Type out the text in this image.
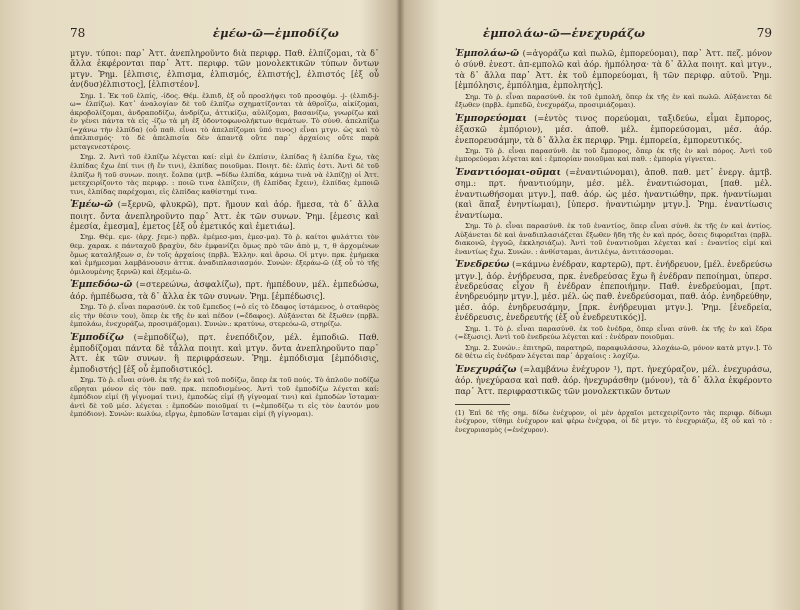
78	ἐμέω-ῶ—ἐμποδίζω

μτγν. τύποι: παρ᾿ Ἀττ. ἀνεπληροῦντο διὰ περιφρ. Παθ. ἐλπίζομαι, τὰ δ᾿ ἄλλα ἐκφέρονται παρ᾿ Ἀττ. περιφρ. τῶν μονολεκτικῶν τύπων ὄντων μτγν. Ῥημ. [ἐλπισις, ἐλπισμα, ἐλπισμός, ἐλπιστής], ἐλπιστός [ἐξ οὗ ἀν(δυσ)έλπιστος], [ἐλπιστέον].

Σημ. 1. Ἐκ τοῦ ἐλπίς, -ίδος. Θέμ. ἐλπιδ, ἐξ οὗ προσλήψει τοῦ προσφύμ. -j- (ἐλπιδ-j-ω= ἐλπίζω). Κατ᾿ ἀναλογίαν δὲ τοῦ ἐλπίζω σχηματίζονται τὰ ἀθροΐζω, αἰκίζομαι, ἀκροβολίζομαι, ἀνδραποδίζω, ἀνδρίζω, ἀττικίζω, αὐλίζομαι, βασανίζω, γνωρίζω καὶ ἐν γένει πάντα τὰ εἰς -ίζω τὰ μὴ ἐξ ὀδοντοφωνολήκτων θεμάτων. Τὸ σύνθ. ἀπελπίζω (=χάνω τὴν ἐλπίδα) (οὗ παθ. εἶναι τὸ ἀπελπίζομαι ὑπό τινος) εἶναι μτγν. ὡς καὶ τὸ ἀπελπισμός· τὸ δὲ ἀπελπισία δὲν ἀπαντᾷ οὔτε παρ᾿ ἀρχαίοις οὔτε παρὰ μεταγενεστέροις.

Σημ. 2. Ἀντὶ τοῦ ἐλπίζω λέγεται καί: εἰμὶ ἐν ἐλπίσιν, ἐλπίδας ἢ ἐλπίδα ἔχω, τὰς ἐλπίδας ἔχω ἐπί τινι (ἢ ἔν τινι), ἐλπίδας ποιοῦμαι. Ποιητ. δὲ: ἐλπὶς ἐστι. Ἀντὶ δὲ τοῦ ἐλπίζω ἢ τοῦ συνων. ποιητ. ἔολπα (μτβ. =δίδω ἐλπίδα, κάμνω τινὰ νὰ ἐλπίζῃ) οἱ Ἀττ. μετεχειρίζοντο τὰς περιφρ. : ποιῶ τινα ἐλπίζειν, (ἢ ἐλπίδας ἔχειν), ἐλπίδας ἐμποιῶ τινι, ἐλπίδας παρέχομαι, εἰς ἐλπίδας καθίστημί τινα.

Ἐμέω-ῶ (=ξερνῶ, φλυκρῶ), πρτ. ἤμουν καὶ ἀόρ. ἤμεσα, τὰ δ᾿ ἄλλα ποιητ. ὄντα ἀνεπληροῦντο παρ᾿ Ἀττ. ἐκ τῶν συνων. Ῥημ. [ἐμεσις καὶ ἐμεσία, ἐμεσμα], ἐμετος [ἐξ οὗ ἐμετικός καὶ ἐμετιάω].

Σημ. Θέμ. εμε- (ἀρχ. ϝεμε-) πρβλ. ἐμέμεσ-μαι, ἐμεσ-μα). Τὸ ῥ. καίτοι φυλάττει τὸν θεμ. χαρακ. ε πάνταχοῦ βραχὺν, δὲν ἐμφανίζει ὅμως πρὸ τῶν ἀπὸ μ, τ, θ ἀρχομένων ὅμως καταλήξεων σ, ἐν τοῖς ἀρχαίοις (πρβλ. Ἑλλην. καὶ ἄρσω. Οἱ μτγν. πρκ. ἐμήμεκα καὶ ἐμήμεσμαι λαμβάνουσιν ἀττικ. ἀναδιπλασιασμόν. Συνών: ἐξεράω-ῶ (ἐξ οὗ τὸ τῆς ὁμιλουμένης ξερνῶ) καὶ ἐξεμέω-ῶ.

Ἐμπεδόω-ῶ (=στερεώνω, ἀσφαλίζω), πρτ. ἠμπέδουν, μέλ. ἐμπεδώσω, ἀόρ. ἠμπέδωσα, τὰ δ᾿ ἄλλα ἐκ τῶν συνων. Ῥημ. [ἐμπέδωσις].

Σημ. Τὸ ῥ. εἶναι παρασύνθ. ἐκ τοῦ ἔμπεδος (=ὁ εἰς τὸ ἔδαφος ἱστάμενος, ὁ σταθερὸς εἰς τὴν θέσιν του), ὅπερ ἐκ τῆς ἐν καὶ πέδον (=ἔδαφος). Αὐξάνεται δὲ ἔξωθεν (πρβλ. ἐμπολάω, ἐνεχυράζω, προσιμάζομαι). Συνών.: κρατύνω, στερεόω-ῶ, στηρίζω.

Ἐμποδίζω (=ἐμποδίζω), πρτ. ἐνεπόδιζον, μέλ. ἐμποδιῶ. Παθ. ἐμποδίζομαι πάντα δὲ τἆλλα ποιητ. καὶ μτγν. ὄντα ἀνεπληροῦντο παρ᾿ Ἀττ. ἐκ τῶν συνων. ἢ περιφράσεων. Ῥημ. ἐμπόδισμα [ἐμπόδισις, ἐμποδιστής] [ἐξ οὗ ἐμποδιστικός].

Σημ. Τὸ ῥ. εἶναι σύνθ. ἐκ τῆς ἐν καὶ τοῦ ποδίζω, ὅπερ ἐκ τοῦ πούς. Τὸ ἁπλοῦν ποδίζω εὕρηται μόνον εἰς τὸν παθ. πρκ. πεποδισμένος. Ἀντὶ τοῦ ἐμποδίζω λέγεται καί: ἐμπόδιον εἰμί (ἢ γίγνομαί τινι), ἐμποδὼς εἰμί (ἢ γίγνομαί τινι) καὶ ἐμποδὼν ἵσταμαι· ἀντὶ δὲ τοῦ μέσ. λέγεται : ἐμποδὼν ποιοῦμαί τι (=ἐμποδίζω τι εἰς τὸν ἑαυτόν μου ἐμπόδιον). Συνών: κωλύω, εἴργω, ἐμποδὼν ἵσταμαι εἰμί (ἢ γίγνομαι).

ἐμπολάω-ῶ—ἐνεχυράζω	79

Ἐμπολάω-ῶ (=ἀγοράζω καὶ πωλῶ, ἐμπορεύομαι), παρ᾿ Ἀττ. πεζ. μόνον ὁ σύνθ. ἐνεστ. ἀπ-εμπολῶ καὶ ἀόρ. ἠμπόλησα· τὰ δ᾿ ἄλλα ποιητ. καὶ μτγν., τὰ δ᾿ ἄλλα παρ᾿ Ἀττ. ἐκ τοῦ ἐμπορεύομαι, ἢ τῶν περιφρ. αὐτοῦ. Ῥημ. [ἐμπόλησις, ἐμπόλημα, ἐμπολητής].

Σημ. Τὸ ῥ. εἶναι παρασύνθ. ἐκ τοῦ ἐμπολή, ὅπερ ἐκ τῆς ἐν καὶ πωλῶ. Αὐξάνεται δὲ ἔξωθεν (πρβλ. ἐμπεδῶ, ἐνεχυράζω, προσιμιάζομαι).

Ἐμπορεύομαι (=ἐντὸς τινος πορεύομαι, ταξιδεύω, εἶμαι ἔμπορος, ἐξασκῶ ἐμπόριον), μέσ. ἀποθ. μέλ. ἐμπορεύσομαι, μέσ. ἀόρ. ἐνεπορευσάμην, τὰ δ᾿ ἄλλα ἐκ περιφρ. Ῥημ. ἐμπορεία, ἐμπορευτικός.

Σημ. Τὸ ῥ. εἶναι παρασύνθ. ἐκ τοῦ ἔμπορος, ὅπερ ἐκ τῆς ἐν καὶ πόρος. Ἀντὶ τοῦ ἐμπορεύομαι λέγεται καί : ἐμπορίαν ποιοῦμαι καὶ παθ. : ἐμπορία γίγνεται.

Ἐναντιόομαι-οῦμαι (=ἐναντιώνομαι), ἀποθ. παθ. μετ᾿ ἐνεργ. ἀμτβ. σημ.: πρτ. ἠναντιούμην, μέσ. μέλ. ἐναντιώσομαι, [παθ. μέλ. ἐναντιωθήσομαι μτγν.], παθ. ἀόρ. ὡς μέσ. ἠναντιώθην, πρκ. ἠναντίωμαι (καὶ ἅπαξ ἐνηντίωμαι), [ὑπερσ. ἠναντιώμην μτγν.]. Ῥημ. ἐναντίωσις ἐναντίωμα.

Σημ. Τὸ ῥ. εἶναι παρασύνθ. ἐκ τοῦ ἐναντίος, ὅπερ εἶναι σύνθ. ἐκ τῆς ἐν καὶ ἀντίος. Αὐξάνεται δὲ καὶ ἀναδιπλασιάζεται ἔξωθεν ἤδη τῆς ἐν καὶ πρός, ὅσεις διφορεῖται (πρβλ. διακονῶ, ἐγγυῶ, ἐκκλησιάζω). Ἀντὶ τοῦ ἐναντιοῦμαι λέγεται καί : ἐναντίος εἰμί καὶ ἐναντίως ἔχω. Συνών. : ἀνθίσταμαι, ἀντιλέγω, ἀντιτάσσομαι.

Ἐνεδρεύω (=κάμνω ἐνέδραν, καρτερῶ), πρτ. ἐνήδρευον, [μέλ. ἐνεδρεύσω μτγν.], ἀόρ. ἐνήδρευσα, πρκ. ἐνεδρεύσας ἔχω ἢ ἐνέδραν πεποίημαι, ὑπερσ. ἐνεδρεύσας εἶχον ἢ ἐνέδραν ἐπεποιήμην. Παθ. ἐνεδρεύομαι, [πρτ. ἐνηδρευόμην μτγν.], μέσ. μέλ. ὡς παθ. ἐνεδρεύσομαι, παθ. ἀόρ. ἐνηδρεύθην, μέσ. ἀόρ. ἐνηδρευσάμην, [πρκ. ἐνήδρευμαι μτγν.]. Ῥημ. [ἐνεδρεία, ἐνέδρευσις, ἐνεδρευτής (ἐξ οὗ ἐνεδρευτικός)].

Σημ. 1. Τὸ ῥ. εἶναι παρασύνθ. ἐκ τοῦ ἐνέδρα, ὅπερ εἶναι σύνθ. ἐκ τῆς ἐν καὶ ἕδρα (=ἔξωσις). Ἀντὶ τοῦ ἐνεδρεύω λέγεται καί : ἐνέδραν ποιοῦμαι.

Σημ. 2. Συνών.: ἐπιτηρῶ, παρατηρῶ, παραφυλάσσω, λλοχάω-ῶ, μόνον κατὰ μτγν.]. Τὸ δὲ θέτω εἰς ἐνέδραν λέγεται παρ᾿ ἀρχαίοις : λοχίζω.

Ἐνεχυράζω (=λαμβάνω ἐνέχυρον ¹), πρτ. ἠνεχύραζον, μέλ. ἐνεχυράσω, ἀόρ. ἠνεχύρασα καὶ παθ. ἀόρ. ἠνεχυράσθην (μόνον), τὰ δ᾿ ἄλλα ἐκφέροντο παρ᾿ Ἀττ. περιφραστικῶς τῶν μονολεκτικῶν ὄντων

(1) Ἐπὶ δὲ τῆς σημ. δίδω ἐνέχυρον, οἱ μὲν ἀρχαῖοι μετεχειρίζοντο τὰς περιφρ. δίδωμι ἐνέχυρον, τίθημι ἐνέχυρον καὶ φέρω ἐνέχυρα, οἱ δὲ μτγν. τὸ ἐνεχυριάζω, ἐξ οὗ καὶ τὸ : ἐνεχυριασμὸς (=ἐνέχυρον).
